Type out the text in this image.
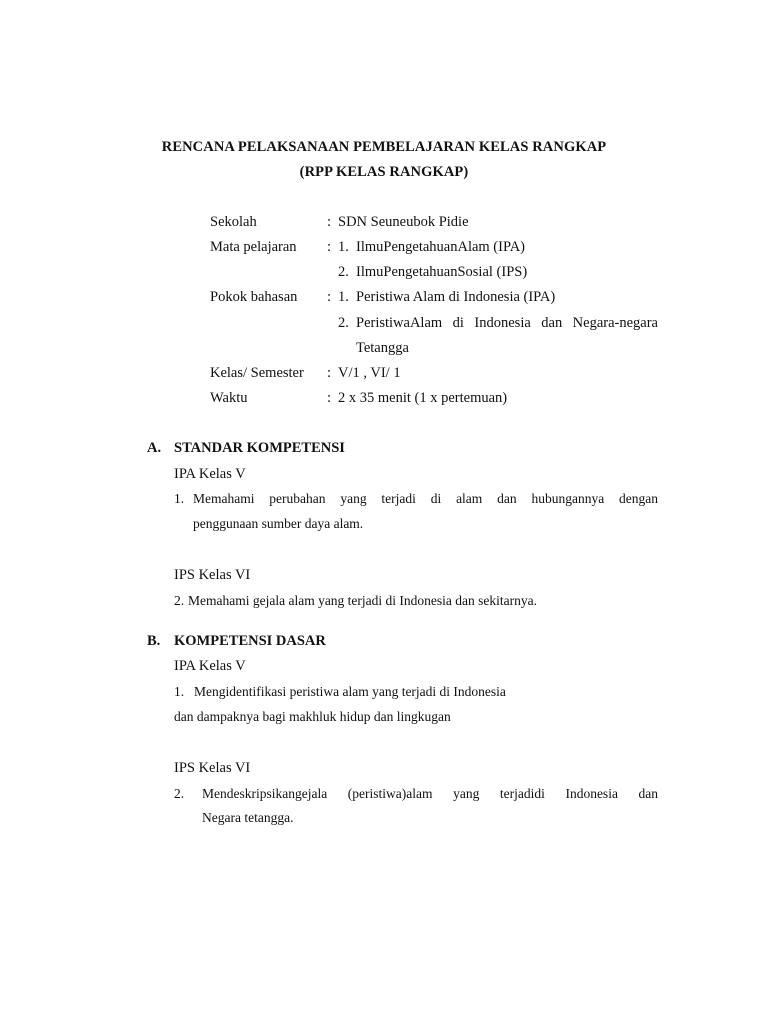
RENCANA PELAKSANAAN PEMBELAJARAN KELAS RANGKAP
(RPP KELAS RANGKAP)
Sekolah	: SDN Seuneubok Pidie
Mata pelajaran : 1. IlmuPengetahuanAlam (IPA)
2. IlmuPengetahuanSosial (IPS)
Pokok bahasan : 1. Peristiwa Alam di Indonesia (IPA)
2. PeristiwaAlam di Indonesia dan Negara-negara
Tetangga
Kelas/ Semester : V/1 , VI/ 1
Waktu	: 2 x 35 menit (1 x pertemuan)
A. STANDAR KOMPETENSI
IPA Kelas V
1. Memahami perubahan yang terjadi di alam dan hubungannya dengan
penggunaan sumber daya alam.
IPS Kelas VI
2. Memahami gejala alam yang terjadi di Indonesia dan sekitarnya.
B. KOMPETENSI DASAR
IPA Kelas V
1. Mengidentifikasi peristiwa alam yang terjadi di Indonesia
dan dampaknya bagi makhluk hidup dan lingkugan
IPS Kelas VI
2. Mendeskripsikangejala (peristiwa)alam yang terjadidi Indonesia dan
Negara tetangga.
